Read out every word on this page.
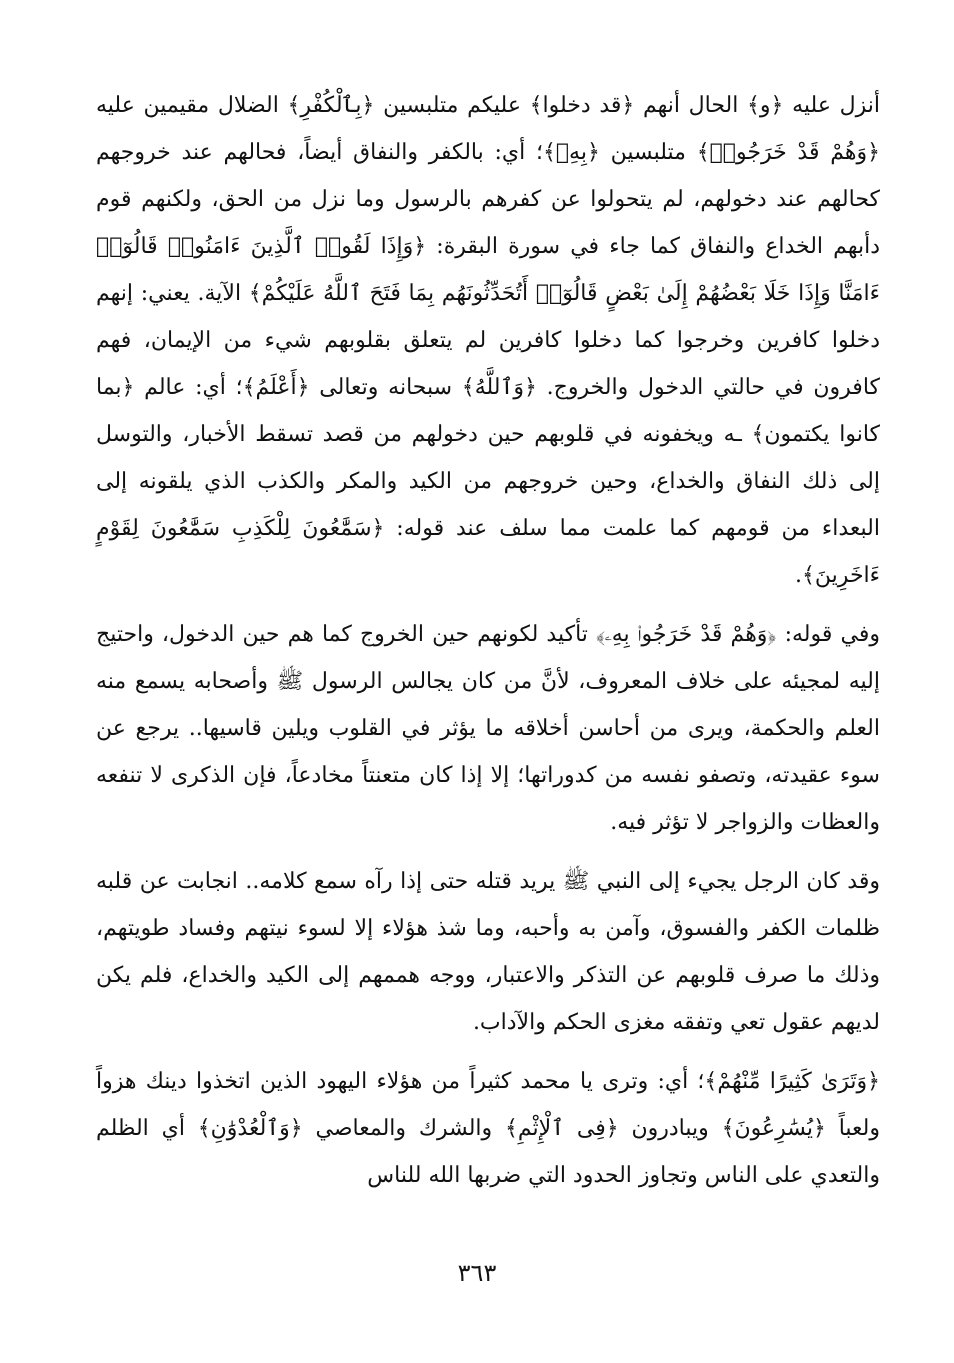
أنزل عليه ﴿و﴾ الحال أنهم ﴿قد دخلوا﴾ عليكم متلبسين ﴿بِٱلْكُفْرِ﴾ الضلال مقيمين عليه ﴿وَهُمْ قَدْ خَرَجُوا۟﴾ متلبسين ﴿بِهِۦ﴾؛ أي: بالكفر والنفاق أيضاً، فحالهم عند خروجهم كحالهم عند دخولهم، لم يتحولوا عن كفرهم بالرسول وما نزل من الحق، ولكنهم قوم دأبهم الخداع والنفاق كما جاء في سورة البقرة: ﴿وَإِذَا لَقُوا۟ ٱلَّذِينَ ءَامَنُوا۟ قَالُوٓا۟ ءَامَنَّا وَإِذَا خَلَا بَعْضُهُمْ إِلَىٰ بَعْضٍ قَالُوٓا۟ أَتُحَدِّثُونَهُم بِمَا فَتَحَ ٱللَّهُ عَلَيْكُمْ﴾ الآية. يعني: إنهم دخلوا كافرين وخرجوا كما دخلوا كافرين لم يتعلق بقلوبهم شيء من الإيمان، فهم كافرون في حالتي الدخول والخروج. ﴿وَٱللَّهُ﴾ سبحانه وتعالى ﴿أَعْلَمُ﴾؛ أي: عالم ﴿بما كانوا يكتمون﴾ ـه ويخفونه في قلوبهم حين دخولهم من قصد تسقط الأخبار، والتوسل إلى ذلك النفاق والخداع، وحين خروجهم من الكيد والمكر والكذب الذي يلقونه إلى البعداء من قومهم كما علمت مما سلف عند قوله: ﴿سَمَّٰعُونَ لِلْكَذِبِ سَمَّٰعُونَ لِقَوْمٍ ءَاخَرِينَ﴾.

وفي قوله: ﴿وَهُمْ قَدْ خَرَجُوا۟ بِهِۦ﴾ تأكيد لكونهم حين الخروج كما هم حين الدخول، واحتيج إليه لمجيئه على خلاف المعروف، لأنَّ من كان يجالس الرسول ﷺ وأصحابه يسمع منه العلم والحكمة، ويرى من أحاسن أخلاقه ما يؤثر في القلوب ويلين قاسيها.. يرجع عن سوء عقيدته، وتصفو نفسه من كدوراتها؛ إلا إذا كان متعنتاً مخادعاً، فإن الذكرى لا تنفعه والعظات والزواجر لا تؤثر فيه.

وقد كان الرجل يجيء إلى النبي ﷺ يريد قتله حتى إذا رآه سمع كلامه.. انجابت عن قلبه ظلمات الكفر والفسوق، وآمن به وأحبه، وما شذ هؤلاء إلا لسوء نيتهم وفساد طويتهم، وذلك ما صرف قلوبهم عن التذكر والاعتبار، ووجه هممهم إلى الكيد والخداع، فلم يكن لديهم عقول تعي وتفقه مغزى الحكم والآداب.

﴿وَتَرَىٰ كَثِيرًا مِّنْهُمْ﴾؛ أي: وترى يا محمد كثيراً من هؤلاء اليهود الذين اتخذوا دينك هزواً ولعباً ﴿يُسَٰرِعُونَ﴾ ويبادرون ﴿فِى ٱلْإِثْمِ﴾ والشرك والمعاصي ﴿وَٱلْعُدْوَٰنِ﴾ أي الظلم والتعدي على الناس وتجاوز الحدود التي ضربها الله للناس

٣٦٣
